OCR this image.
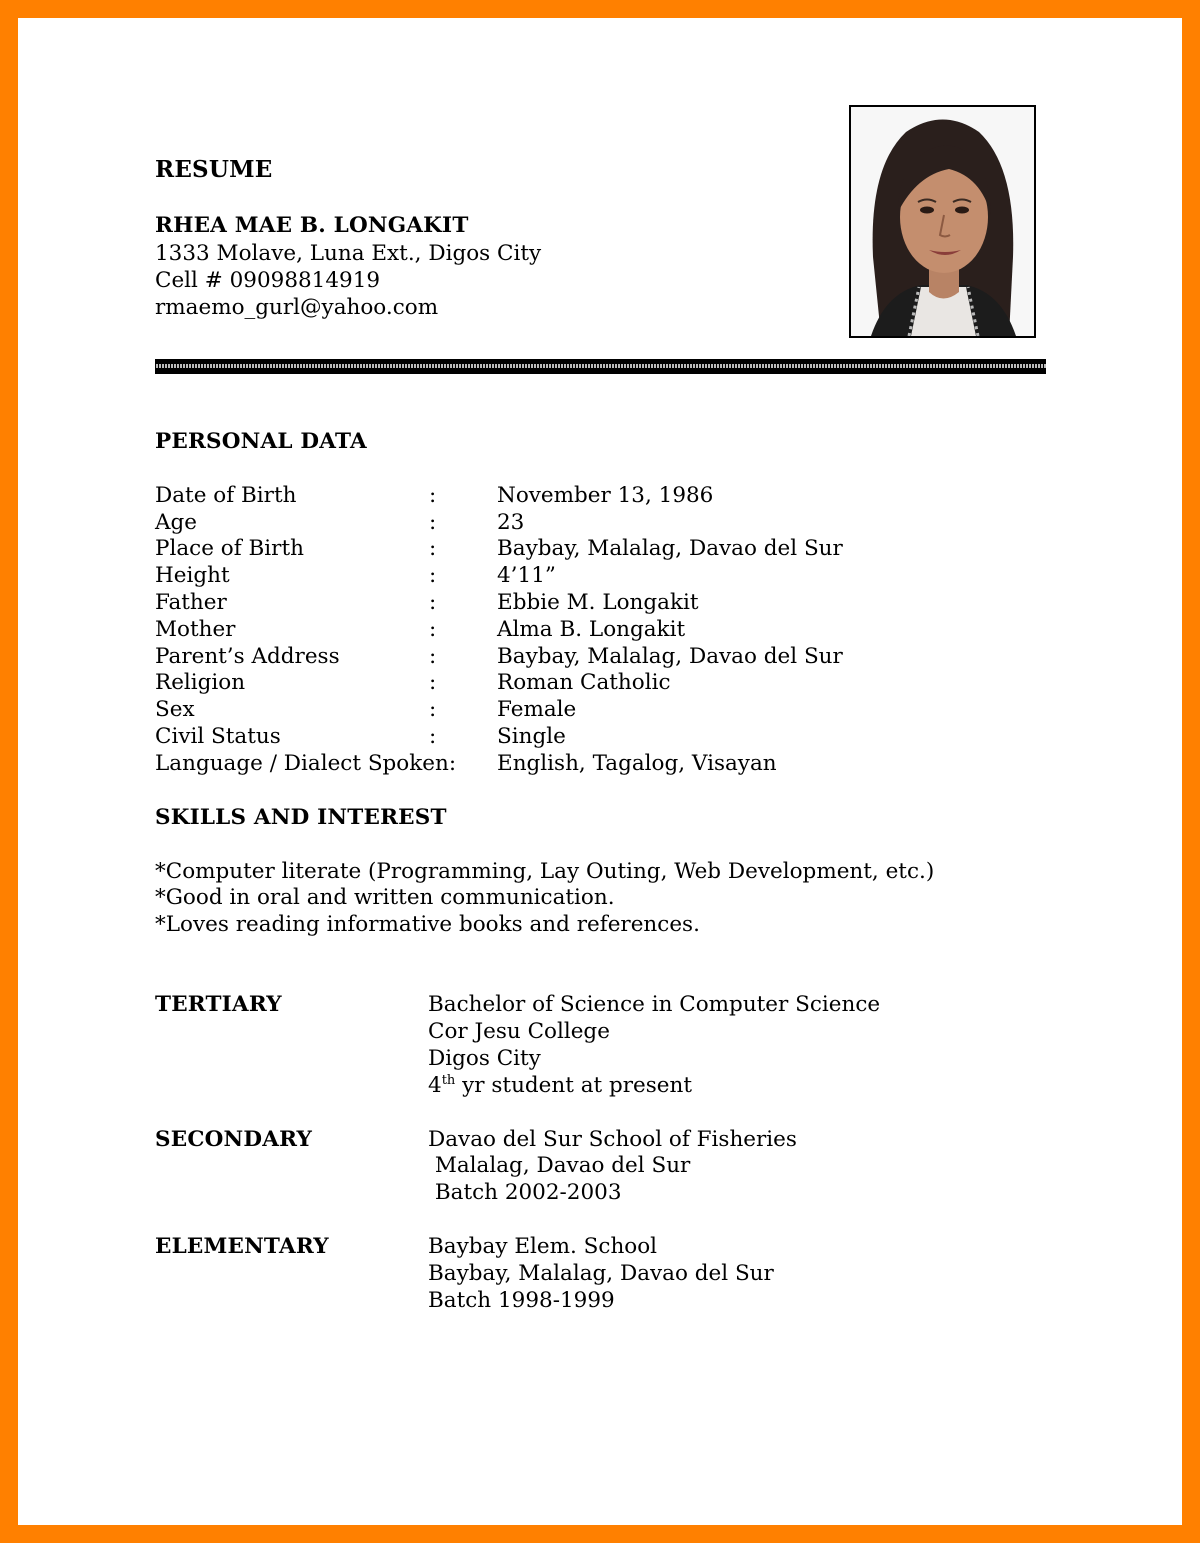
RESUME
RHEA MAE B. LONGAKIT
1333 Molave, Luna Ext., Digos City
Cell # 09098814919
rmaemo_gurl@yahoo.com
PERSONAL DATA
Date of Birth	:	November 13, 1986
Age	:	23
Place of Birth	:	Baybay, Malalag, Davao del Sur
Height	:	4’11”
Father	:	Ebbie M. Longakit
Mother	:	Alma B. Longakit
Parent’s Address	:	Baybay, Malalag, Davao del Sur
Religion	:	Roman Catholic
Sex	:	Female
Civil Status	:	Single
Language / Dialect Spoken: English, Tagalog, Visayan
SKILLS AND INTEREST
*Computer literate (Programming, Lay Outing, Web Development, etc.)
*Good in oral and written communication.
*Loves reading informative books and references.
TERTIARY	Bachelor of Science in Computer Science
Cor Jesu College
Digos City
4th yr student at present
SECONDARY	Davao del Sur School of Fisheries
Malalag, Davao del Sur
Batch 2002-2003
ELEMENTARY	Baybay Elem. School
Baybay, Malalag, Davao del Sur
Batch 1998-1999
